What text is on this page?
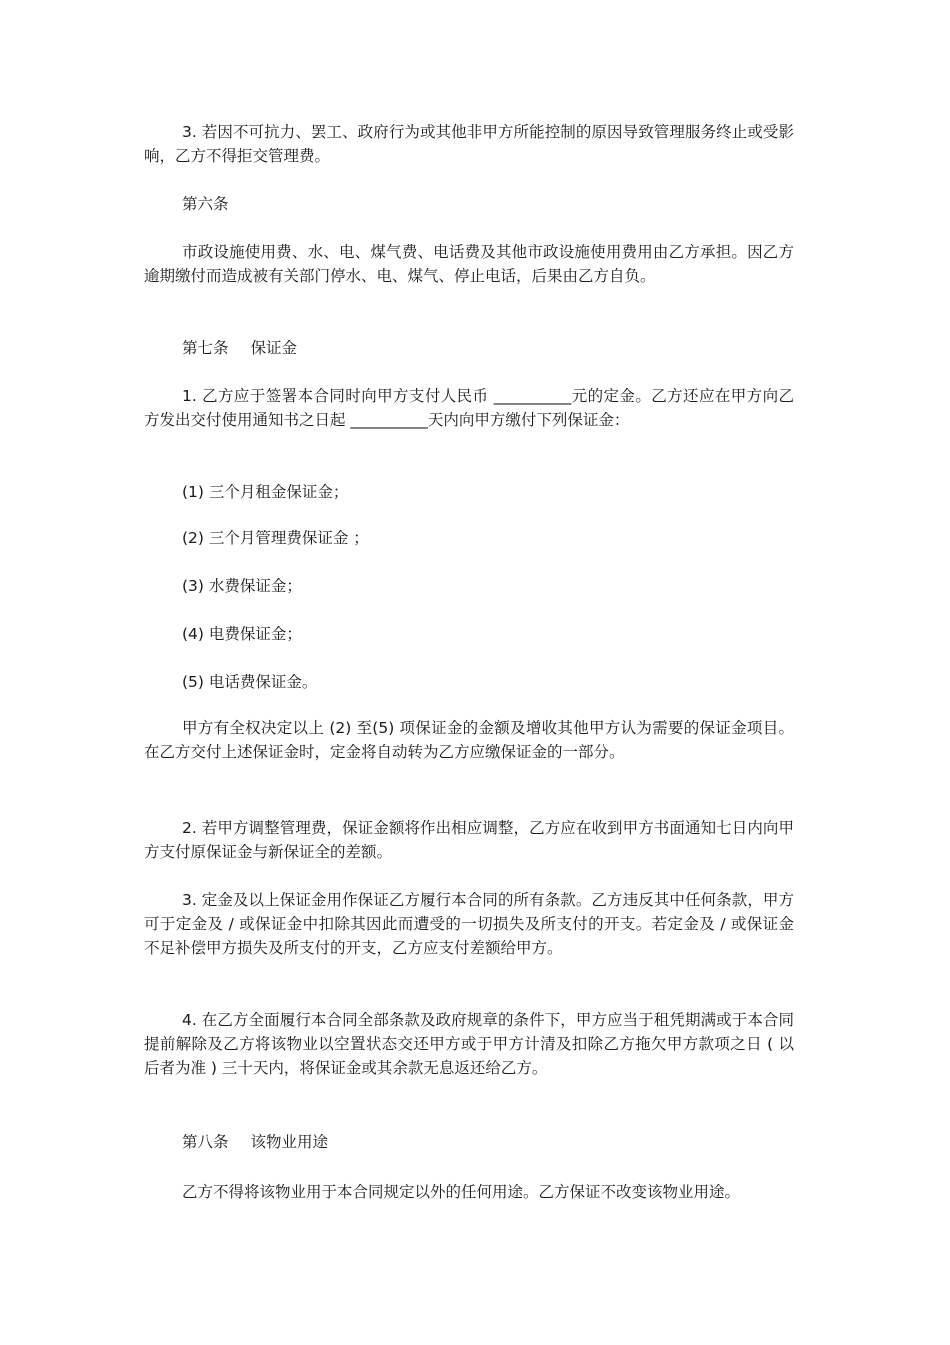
3. 若因不可抗力、罢工、政府行为或其他非甲方所能控制的原因导致管理服务终止或受影响，乙方不得拒交管理费。

第六条

市政设施使用费、水、电、煤气费、电话费及其他市政设施使用费用由乙方承担。因乙方逾期缴付而造成被有关部门停水、电、煤气、停止电话，后果由乙方自负。

第七条 保证金

1. 乙方应于签署本合同时向甲方支付人民币 __________元的定金。乙方还应在甲方向乙方发出交付使用通知书之日起 __________天内向甲方缴付下列保证金：

(1) 三个月租金保证金；

(2) 三个月管理费保证金 ；

(3) 水费保证金；

(4) 电费保证金；

(5) 电话费保证金。

甲方有全权决定以上 (2) 至(5) 项保证金的金额及增收其他甲方认为需要的保证金项目。在乙方交付上述保证金时，定金将自动转为乙方应缴保证金的一部分。

2. 若甲方调整管理费，保证金额将作出相应调整，乙方应在收到甲方书面通知七日内向甲方支付原保证金与新保证全的差额。

3. 定金及以上保证金用作保证乙方履行本合同的所有条款。乙方违反其中任何条款，甲方可于定金及 / 或保证金中扣除其因此而遭受的一切损失及所支付的开支。若定金及 / 或保证金不足补偿甲方损失及所支付的开支，乙方应支付差额给甲方。

4. 在乙方全面履行本合同全部条款及政府规章的条件下，甲方应当于租凭期满或于本合同提前解除及乙方将该物业以空置状态交还甲方或于甲方计清及扣除乙方拖欠甲方款项之日 ( 以后者为准 ) 三十天内，将保证金或其余款无息返还给乙方。

第八条 该物业用途

乙方不得将该物业用于本合同规定以外的任何用途。乙方保证不改变该物业用途。
